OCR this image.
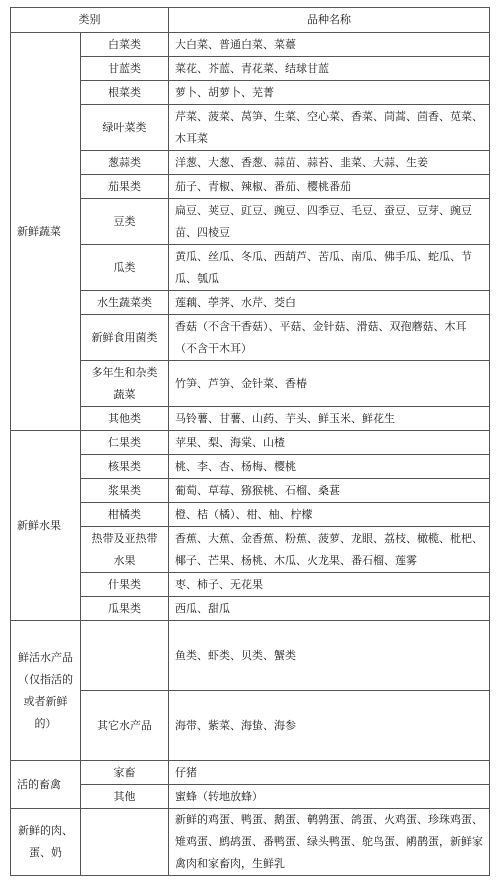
类别		品种名称
新鲜蔬菜	白菜类	大白菜、普通白菜、菜薹
	甘蓝类	菜花、芥蓝、青花菜、结球甘蓝
	根菜类	萝卜、胡萝卜、芜菁
	绿叶菜类	芹菜、菠菜、莴笋、生菜、空心菜、香菜、茼蒿、茴香、苋菜、木耳菜
	葱蒜类	洋葱、大葱、香葱、蒜苗、蒜苔、韭菜、大蒜、生姜
	茄果类	茄子、青椒、辣椒、番茄、樱桃番茄
	豆类	扁豆、荚豆、豇豆、豌豆、四季豆、毛豆、蚕豆、豆芽、豌豆苗、四棱豆
	瓜类	黄瓜、丝瓜、冬瓜、西葫芦、苦瓜、南瓜、佛手瓜、蛇瓜、节瓜、瓠瓜
	水生蔬菜类	莲藕、荸荠、水芹、茭白
	新鲜食用菌类	香菇（不含干香菇）、平菇、金针菇、滑菇、双孢蘑菇、木耳（不含干木耳）
	多年生和杂类蔬菜	竹笋、芦笋、金针菜、香椿
	其他类	马铃薯、甘薯、山药、芋头、鲜玉米、鲜花生
新鲜水果	仁果类	苹果、梨、海棠、山楂
	核果类	桃、李、杏、杨梅、樱桃
	浆果类	葡萄、草莓、猕猴桃、石榴、桑葚
	柑橘类	橙、桔（橘）、柑、柚、柠檬
	热带及亚热带水果	香蕉、大蕉、金香蕉、粉蕉、菠萝、龙眼、荔枝、橄榄、枇杷、椰子、芒果、杨桃、木瓜、火龙果、番石榴、莲雾
	什果类	枣、柿子、无花果
	瓜果类	西瓜、甜瓜
鲜活水产品（仅指活的或者新鲜的）		鱼类、虾类、贝类、蟹类
	其它水产品	海带、紫菜、海蛰、海参
活的畜禽	家畜	仔猪
	其他	蜜蜂（转地放蜂）
新鲜的肉、蛋、奶		新鲜的鸡蛋、鸭蛋、鹅蛋、鹌鹑蛋、鸽蛋、火鸡蛋、珍珠鸡蛋、雉鸡蛋、鹧鸪蛋、番鸭蛋、绿头鸭蛋、鸵鸟蛋、鹇鹊蛋，新鲜家禽肉和家畜肉，生鲜乳
